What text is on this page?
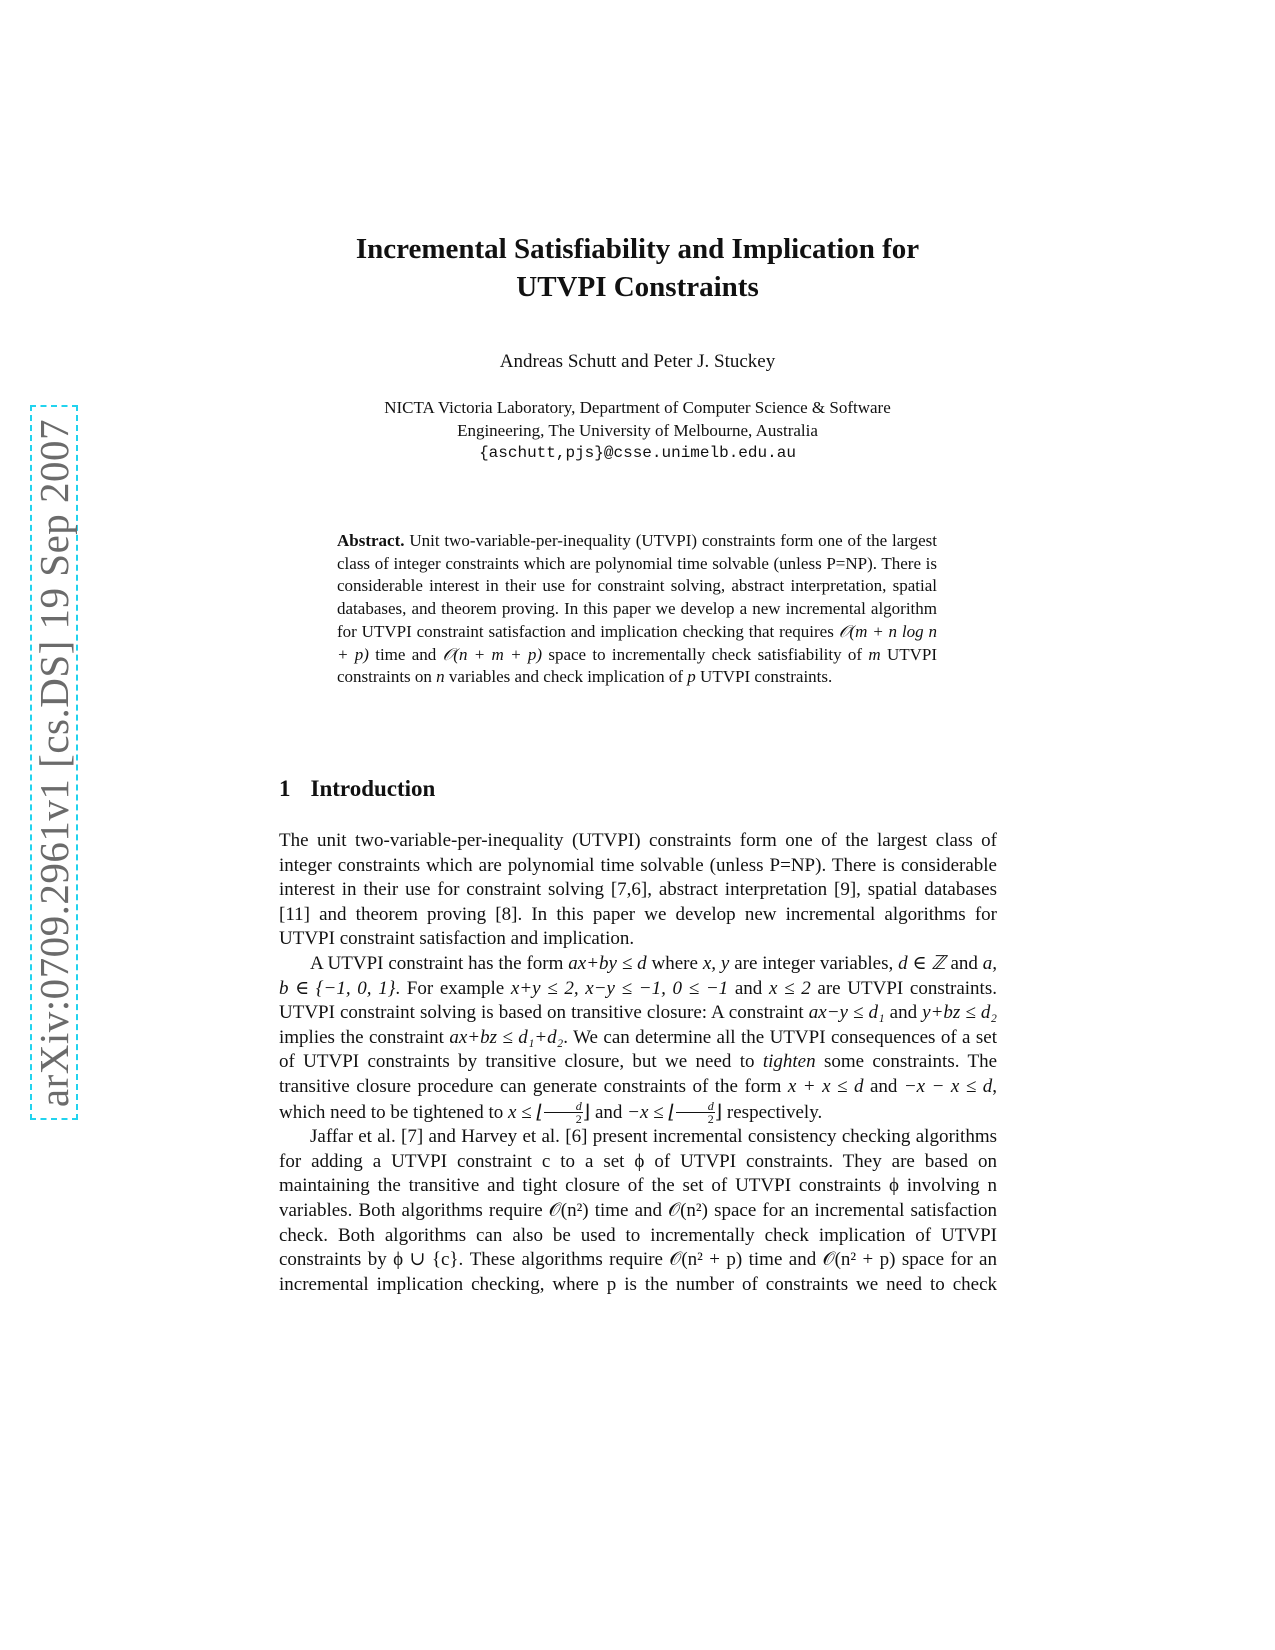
arXiv:0709.2961v1 [cs.DS] 19 Sep 2007
Incremental Satisfiability and Implication for
UTVPI Constraints
Andreas Schutt and Peter J. Stuckey
NICTA Victoria Laboratory, Department of Computer Science & Software
Engineering, The University of Melbourne, Australia
{aschutt,pjs}@csse.unimelb.edu.au
Abstract. Unit two-variable-per-inequality (UTVPI) constraints form one of the largest class of integer constraints which are polynomial time solvable (unless P=NP). There is considerable interest in their use for constraint solving, abstract interpretation, spatial databases, and theorem proving. In this paper we develop a new incremental algorithm for UTVPI constraint satisfaction and implication checking that requires 𝒪(m + n log n + p) time and 𝒪(n + m + p) space to incrementally check satisfiability of m UTVPI constraints on n variables and check implication of p UTVPI constraints.
1 Introduction

The unit two-variable-per-inequality (UTVPI) constraints form one of the largest class of integer constraints which are polynomial time solvable (unless P=NP). There is considerable interest in their use for constraint solving [7,6], abstract interpretation [9], spatial databases [11] and theorem proving [8]. In this paper we develop new incremental algorithms for UTVPI constraint satisfaction and implication.

A UTVPI constraint has the form ax+by ≤ d where x, y are integer variables, d ∈ ℤ and a, b ∈ {−1, 0, 1}. For example x+y ≤ 2, x−y ≤ −1, 0 ≤ −1 and x ≤ 2 are UTVPI constraints. UTVPI constraint solving is based on transitive closure: A constraint ax−y ≤ d₁ and y+bz ≤ d₂ implies the constraint ax+bz ≤ d₁+d₂. We can determine all the UTVPI consequences of a set of UTVPI constraints by transitive closure, but we need to tighten some constraints. The transitive closure procedure can generate constraints of the form x + x ≤ d and −x − x ≤ d, which need to be tightened to x ≤ ⌊ $\frac{d}{2}$ ⌋ and −x ≤ ⌊ $\frac{d}{2}$ ⌋ respectively.

Jaffar et al. [7] and Harvey et al. [6] present incremental consistency checking algorithms for adding a UTVPI constraint c to a set ϕ of UTVPI constraints. They are based on maintaining the transitive and tight closure of the set of UTVPI constraints ϕ involving n variables. Both algorithms require 𝒪(n²) time and 𝒪(n²) space for an incremental satisfaction check. Both algorithms can also be used to incrementally check implication of UTVPI constraints by ϕ ∪ {c}. These algorithms require 𝒪(n² + p) time and 𝒪(n² + p) space for an incremental implication checking, where p is the number of constraints we need to check
